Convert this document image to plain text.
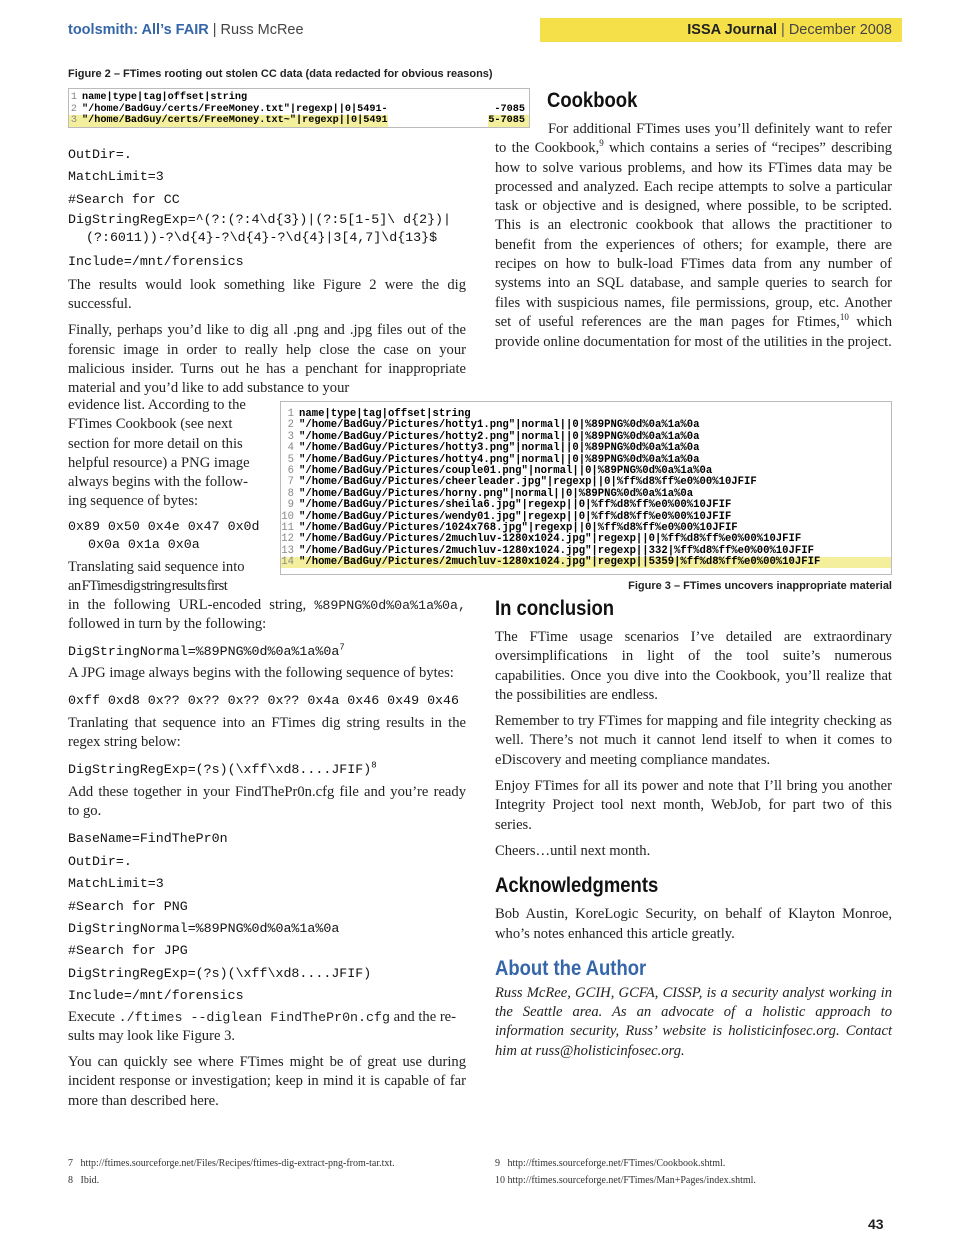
toolsmith: All’s FAIR | Russ McRee	ISSA Journal | December 2008
Figure 2 – FTimes rooting out stolen CC data (data redacted for obvious reasons)
1 name|type|tag|offset|string
2 "/home/BadGuy/certs/FreeMoney.txt"|regexp||0|5491-	-7085
3 "/home/BadGuy/certs/FreeMoney.txt~"|regexp||0|5491	5-7085
OutDir=.
MatchLimit=3
#Search for CC
DigStringRegExp=^(?:(?:4\d{3})|(?:5[1-5]\ d{2})|(?:6011))-?\d{4}-?\d{4}-?\d{4}|3[4,7]\d{13}$
Include=/mnt/forensics

The results would look something like Figure 2 were the dig successful.

Finally, perhaps you’d like to dig all .png and .jpg files out of the forensic image in order to really help close the case on your malicious insider. Turns out he has a penchant for inappropriate material and you’d like to add substance to your

evidence list. According to the
FTimes Cookbook (see next
section for more detail on this
helpful resource) a PNG image
always begins with the follow-
ing sequence of bytes:
0x89 0x50 0x4e 0x47 0x0d
0x0a 0x1a 0x0a
Translating said sequence into
an FTimes dig string results first

in the following URL-encoded string, %89PNG%0d%0a%1a%0a, followed in turn by the following:

$DigStringNormal=\%89PNG\%0d\%0a\%1a\%0a^7$

A JPG image always begins with the following sequence of bytes:

0xff 0xd8 0x?? 0x?? 0x?? 0x?? 0x4a 0x46 0x49 0x46

Tranlating that sequence into an FTimes dig string results in the regex string below:

DigStringRegExp=(?s)(\xff\xd8....JFIF)$^8$

Add these together in your FindThePr0n.cfg file and you’re ready to go.

BaseName=FindThePr0n
OutDir=.
MatchLimit=3
#Search for PNG
DigStringNormal=%89PNG%0d%0a%1a%0a
#Search for JPG
DigStringRegExp=(?s)(\xff\xd8....JFIF)
Include=/mnt/forensics

Execute ./ftimes --diglean FindThePr0n.cfg and the re-
sults may look like Figure 3.

You can quickly see where FTimes might be of great use during incident response or investigation; keep in mind it is capable of far more than described here.

Cookbook

For additional FTimes uses you’ll definitely want to refer to the Cookbook,$^9$ which contains a series of “recipes” describing how to solve various problems, and how its FTimes data may be processed and analyzed. Each recipe attempts to solve a particular task or objective and is designed, where possible, to be scripted. This is an electronic cookbook that allows the practitioner to benefit from the experiences of others; for example, there are recipes on how to bulk-load FTimes data from any number of systems into an SQL database, and sample queries to search for files with suspicious names, file permissions, group, etc. Another set of useful references are the man pages for Ftimes,$^{10}$ which provide online documentation for most of the utilities in the project.

1 name|type|tag|offset|string
2 "/home/BadGuy/Pictures/hotty1.png"|normal||0|%89PNG%0d%0a%1a%0a
3 "/home/BadGuy/Pictures/hotty2.png"|normal||0|%89PNG%0d%0a%1a%0a
4 "/home/BadGuy/Pictures/hotty3.png"|normal||0|%89PNG%0d%0a%1a%0a
5 "/home/BadGuy/Pictures/hotty4.png"|normal||0|%89PNG%0d%0a%1a%0a
6 "/home/BadGuy/Pictures/couple01.png"|normal||0|%89PNG%0d%0a%1a%0a
7 "/home/BadGuy/Pictures/cheerleader.jpg"|regexp||0|%ff%d8%ff%e0%00%10JFIF
8 "/home/BadGuy/Pictures/horny.png"|normal||0|%89PNG%0d%0a%1a%0a
9 "/home/BadGuy/Pictures/sheila6.jpg"|regexp||0|%ff%d8%ff%e0%00%10JFIF
10 "/home/BadGuy/Pictures/wendy01.jpg"|regexp||0|%ff%d8%ff%e0%00%10JFIF
11 "/home/BadGuy/Pictures/1024x768.jpg"|regexp||0|%ff%d8%ff%e0%00%10JFIF
12 "/home/BadGuy/Pictures/2muchluv-1280x1024.jpg"|regexp||0|%ff%d8%ff%e0%00%10JFIF
13 "/home/BadGuy/Pictures/2muchluv-1280x1024.jpg"|regexp||332|%ff%d8%ff%e0%00%10JFIF
14 "/home/BadGuy/Pictures/2muchluv-1280x1024.jpg"|regexp||5359|%ff%d8%ff%e0%00%10JFIF
Figure 3 – FTimes uncovers inappropriate material
In conclusion

The FTime usage scenarios I’ve detailed are extraordinary oversimplifications in light of the tool suite’s numerous capabilities. Once you dive into the Cookbook, you’ll realize that the possibilities are endless.

Remember to try FTimes for mapping and file integrity checking as well. There’s not much it cannot lend itself to when it comes to eDiscovery and meeting compliance mandates.

Enjoy FTimes for all its power and note that I’ll bring you another Integrity Project tool next month, WebJob, for part two of this series.

Cheers…until next month.

Acknowledgments

Bob Austin, KoreLogic Security, on behalf of Klayton Monroe, who’s notes enhanced this article greatly.

About the Author

Russ McRee, GCIH, GCFA, CISSP, is a security analyst working in the Seattle area. As an advocate of a holistic approach to information security, Russ’ website is holisticinfosec.org. Contact him at russ@holisticinfosec.org.

7 http://ftimes.sourceforge.net/Files/Recipes/ftimes-dig-extract-png-from-tar.txt.
8 Ibid.
9 http://ftimes.sourceforge.net/FTimes/Cookbook.shtml.
10 http://ftimes.sourceforge.net/FTimes/Man+Pages/index.shtml.
43
